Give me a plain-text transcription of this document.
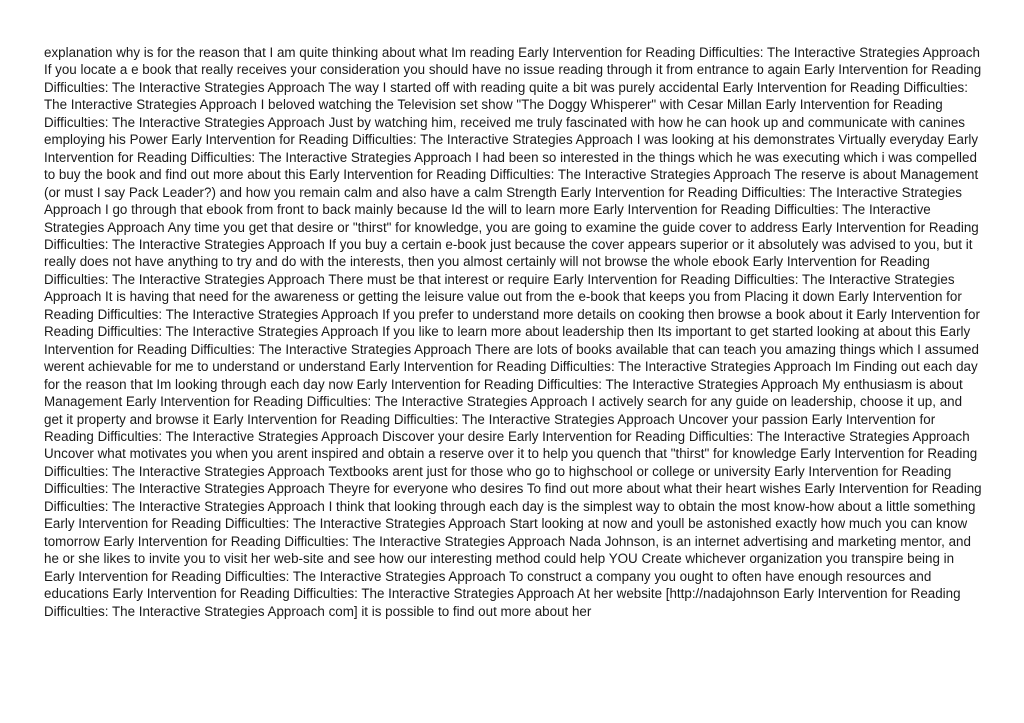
explanation why is for the reason that I am quite thinking about what Im reading Early Intervention for Reading Difficulties: The Interactive Strategies Approach If you locate a e book that really receives your consideration you should have no issue reading through it from entrance to again Early Intervention for Reading Difficulties: The Interactive Strategies Approach The way I started off with reading quite a bit was purely accidental Early Intervention for Reading Difficulties: The Interactive Strategies Approach I beloved watching the Television set show "The Doggy Whisperer" with Cesar Millan Early Intervention for Reading Difficulties: The Interactive Strategies Approach Just by watching him, received me truly fascinated with how he can hook up and communicate with canines employing his Power Early Intervention for Reading Difficulties: The Interactive Strategies Approach I was looking at his demonstrates Virtually everyday Early Intervention for Reading Difficulties: The Interactive Strategies Approach I had been so interested in the things which he was executing which i was compelled to buy the book and find out more about this Early Intervention for Reading Difficulties: The Interactive Strategies Approach The reserve is about Management (or must I say Pack Leader?) and how you remain calm and also have a calm Strength Early Intervention for Reading Difficulties: The Interactive Strategies Approach I go through that ebook from front to back mainly because Id the will to learn more Early Intervention for Reading Difficulties: The Interactive Strategies Approach Any time you get that desire or "thirst" for knowledge, you are going to examine the guide cover to address Early Intervention for Reading Difficulties: The Interactive Strategies Approach If you buy a certain e-book just because the cover appears superior or it absolutely was advised to you, but it really does not have anything to try and do with the interests, then you almost certainly will not browse the whole ebook Early Intervention for Reading Difficulties: The Interactive Strategies Approach There must be that interest or require Early Intervention for Reading Difficulties: The Interactive Strategies Approach It is having that need for the awareness or getting the leisure value out from the e-book that keeps you from Placing it down Early Intervention for Reading Difficulties: The Interactive Strategies Approach If you prefer to understand more details on cooking then browse a book about it Early Intervention for Reading Difficulties: The Interactive Strategies Approach If you like to learn more about leadership then Its important to get started looking at about this Early Intervention for Reading Difficulties: The Interactive Strategies Approach There are lots of books available that can teach you amazing things which I assumed werent achievable for me to understand or understand Early Intervention for Reading Difficulties: The Interactive Strategies Approach Im Finding out each day for the reason that Im looking through each day now Early Intervention for Reading Difficulties: The Interactive Strategies Approach My enthusiasm is about Management Early Intervention for Reading Difficulties: The Interactive Strategies Approach I actively search for any guide on leadership, choose it up, and get it property and browse it Early Intervention for Reading Difficulties: The Interactive Strategies Approach Uncover your passion Early Intervention for Reading Difficulties: The Interactive Strategies Approach Discover your desire Early Intervention for Reading Difficulties: The Interactive Strategies Approach Uncover what motivates you when you arent inspired and obtain a reserve over it to help you quench that "thirst" for knowledge Early Intervention for Reading Difficulties: The Interactive Strategies Approach Textbooks arent just for those who go to highschool or college or university Early Intervention for Reading Difficulties: The Interactive Strategies Approach Theyre for everyone who desires To find out more about what their heart wishes Early Intervention for Reading Difficulties: The Interactive Strategies Approach I think that looking through each day is the simplest way to obtain the most know-how about a little something Early Intervention for Reading Difficulties: The Interactive Strategies Approach Start looking at now and youll be astonished exactly how much you can know tomorrow Early Intervention for Reading Difficulties: The Interactive Strategies Approach Nada Johnson, is an internet advertising and marketing mentor, and he or she likes to invite you to visit her web-site and see how our interesting method could help YOU Create whichever organization you transpire being in Early Intervention for Reading Difficulties: The Interactive Strategies Approach To construct a company you ought to often have enough resources and educations Early Intervention for Reading Difficulties: The Interactive Strategies Approach At her website [http://nadajohnson Early Intervention for Reading Difficulties: The Interactive Strategies Approach com] it is possible to find out more about her
